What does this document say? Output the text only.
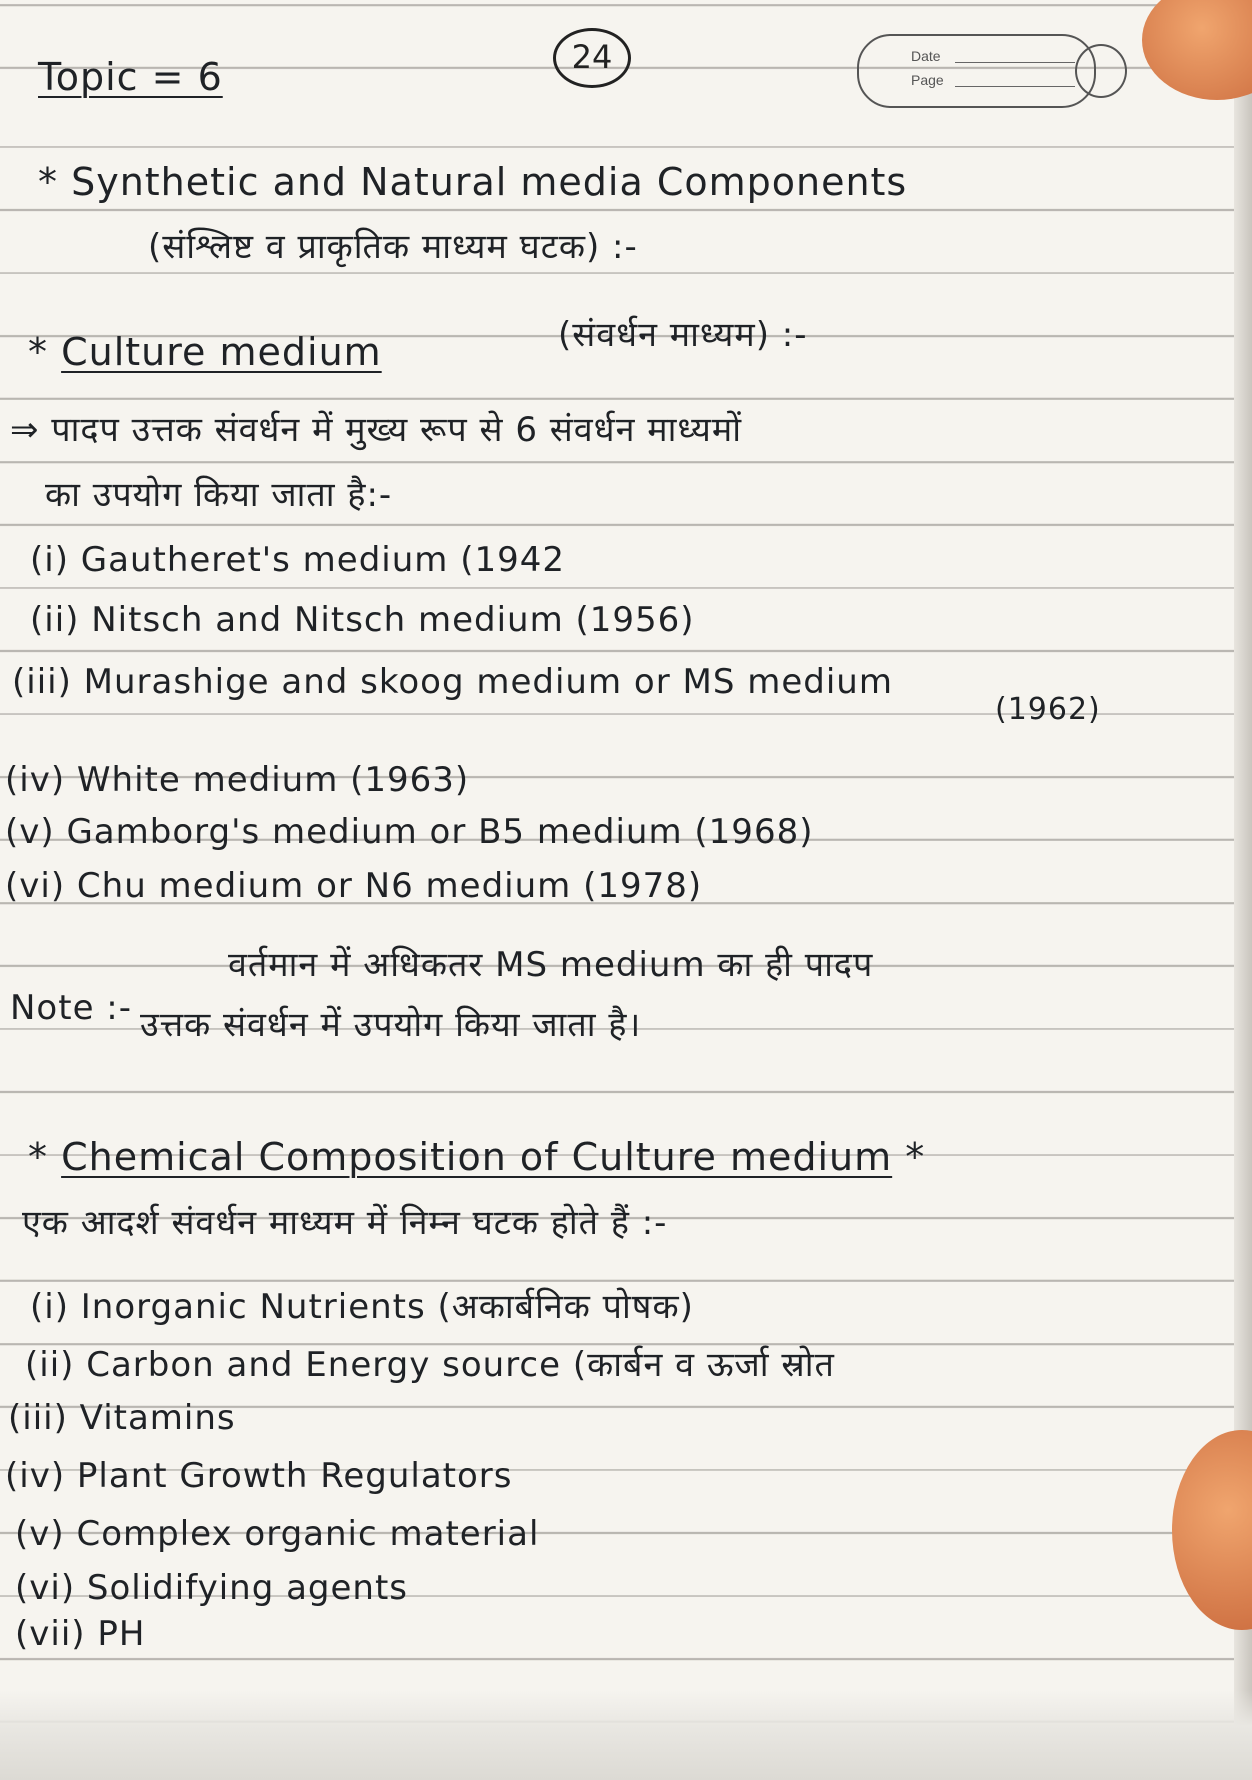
Topic = 6	24	Date
Page
* Synthetic and Natural media Components
(संश्लिष्ट व प्राकृतिक माध्यम घटक) :-
* Culture medium	(संवर्धन माध्यम) :-
⇒ पादप उत्तक संवर्धन में मुख्य रूप से 6 संवर्धन माध्यमों
का उपयोग किया जाता है:-
(i) Gautheret's medium (1942
(ii) Nitsch and Nitsch medium (1956)
(iii) Murashige and skoog medium or MS medium
(1962)
(iv) White medium (1963)
(v) Gamborg's medium or B5 medium (1968)
(vi) Chu medium or N6 medium (1978)
वर्तमान में अधिकतर MS medium का ही पादप
Note :- उत्तक संवर्धन में उपयोग किया जाता है।
* Chemical Composition of Culture medium *
एक आदर्श संवर्धन माध्यम में निम्न घटक होते हैं :-
(i) Inorganic Nutrients (अकार्बनिक पोषक)
(ii) Carbon and Energy source (कार्बन व ऊर्जा स्रोत
(iii) Vitamins
(iv) Plant Growth Regulators
(v) Complex organic material
(vi) Solidifying agents
(vii) PH
